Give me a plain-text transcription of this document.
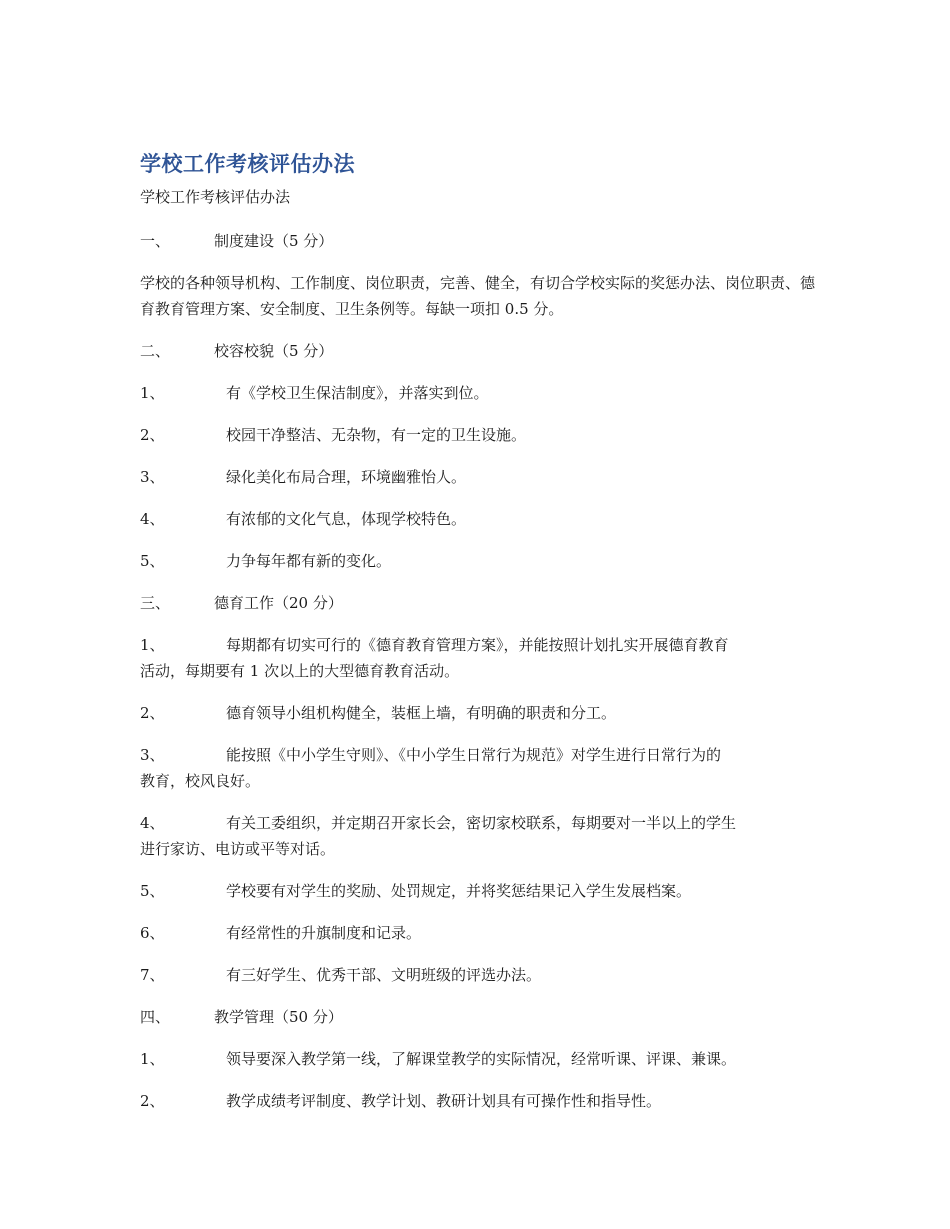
学校工作考核评估办法

学校工作考核评估办法

一、	制度建设（5 分）

学校的各种领导机构、工作制度、岗位职责，完善、健全，有切合学校实际的奖惩办法、岗位职责、德育教育管理方案、安全制度、卫生条例等。每缺一项扣 0.5 分。

二、	校容校貌（5 分）
1、	有《学校卫生保洁制度》，并落实到位。
2、	校园干净整洁、无杂物，有一定的卫生设施。
3、	绿化美化布局合理，环境幽雅怡人。
4、	有浓郁的文化气息，体现学校特色。
5、	力争每年都有新的变化。
三、	德育工作（20 分）
1、	每期都有切实可行的《德育教育管理方案》，并能按照计划扎实开展德育教育
活动，每期要有 1 次以上的大型德育教育活动。
2、	德育领导小组机构健全，装框上墙，有明确的职责和分工。
3、	能按照《中小学生守则》、《中小学生日常行为规范》对学生进行日常行为的
教育，校风良好。
4、	有关工委组织，并定期召开家长会，密切家校联系，每期要对一半以上的学生
进行家访、电访或平等对话。
5、	学校要有对学生的奖励、处罚规定，并将奖惩结果记入学生发展档案。
6、	有经常性的升旗制度和记录。
7、	有三好学生、优秀干部、文明班级的评选办法。
四、	教学管理（50 分）
1、	领导要深入教学第一线，了解课堂教学的实际情况，经常听课、评课、兼课。
2、	教学成绩考评制度、教学计划、教研计划具有可操作性和指导性。
